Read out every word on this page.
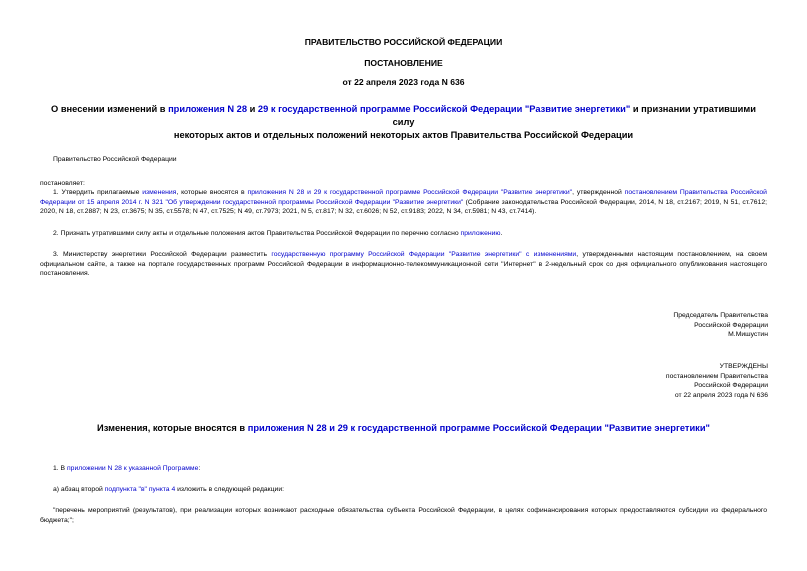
ПРАВИТЕЛЬСТВО РОССИЙСКОЙ ФЕДЕРАЦИИ
ПОСТАНОВЛЕНИЕ
от 22 апреля 2023 года N 636
О внесении изменений в приложения N 28 и 29 к государственной программе Российской Федерации "Развитие энергетики" и признании утратившими силу
некоторых актов и отдельных положений некоторых актов Правительства Российской Федерации
Правительство Российской Федерации
постановляет:
1. Утвердить прилагаемые изменения, которые вносятся в приложения N 28 и 29 к государственной программе Российской Федерации "Развитие энергетики", утвержденной постановлением Правительства Российской Федерации от 15 апреля 2014 г. N 321 "Об утверждении государственной программы Российской Федерации "Развитие энергетики" (Собрание законодательства Российской Федерации, 2014, N 18, ст.2167; 2019, N 51, ст.7612; 2020, N 18, ст.2887; N 23, ст.3675; N 35, ст.5578; N 47, ст.7525; N 49, ст.7973; 2021, N 5, ст.817; N 32, ст.6026; N 52, ст.9183; 2022, N 34, ст.5981; N 43, ст.7414).
2. Признать утратившими силу акты и отдельные положения актов Правительства Российской Федерации по перечню согласно приложению.
3. Министерству энергетики Российской Федерации разместить государственную программу Российской Федерации "Развитие энергетики" с изменениями, утвержденными настоящим постановлением, на своем официальном сайте, а также на портале государственных программ Российской Федерации в информационно-телекоммуникационной сети "Интернет" в 2-недельный срок со дня официального опубликования настоящего постановления.
Председатель Правительства
Российской Федерации
М.Мишустин
УТВЕРЖДЕНЫ
постановлением Правительства
Российской Федерации
от 22 апреля 2023 года N 636
Изменения, которые вносятся в приложения N 28 и 29 к государственной программе Российской Федерации "Развитие энергетики"
1. В приложении N 28 к указанной Программе:
а) абзац второй подпункта "в" пункта 4 изложить в следующей редакции:
"перечень мероприятий (результатов), при реализации которых возникают расходные обязательства субъекта Российской Федерации, в целях софинансирования которых предоставляются субсидии из федерального бюджета;";
